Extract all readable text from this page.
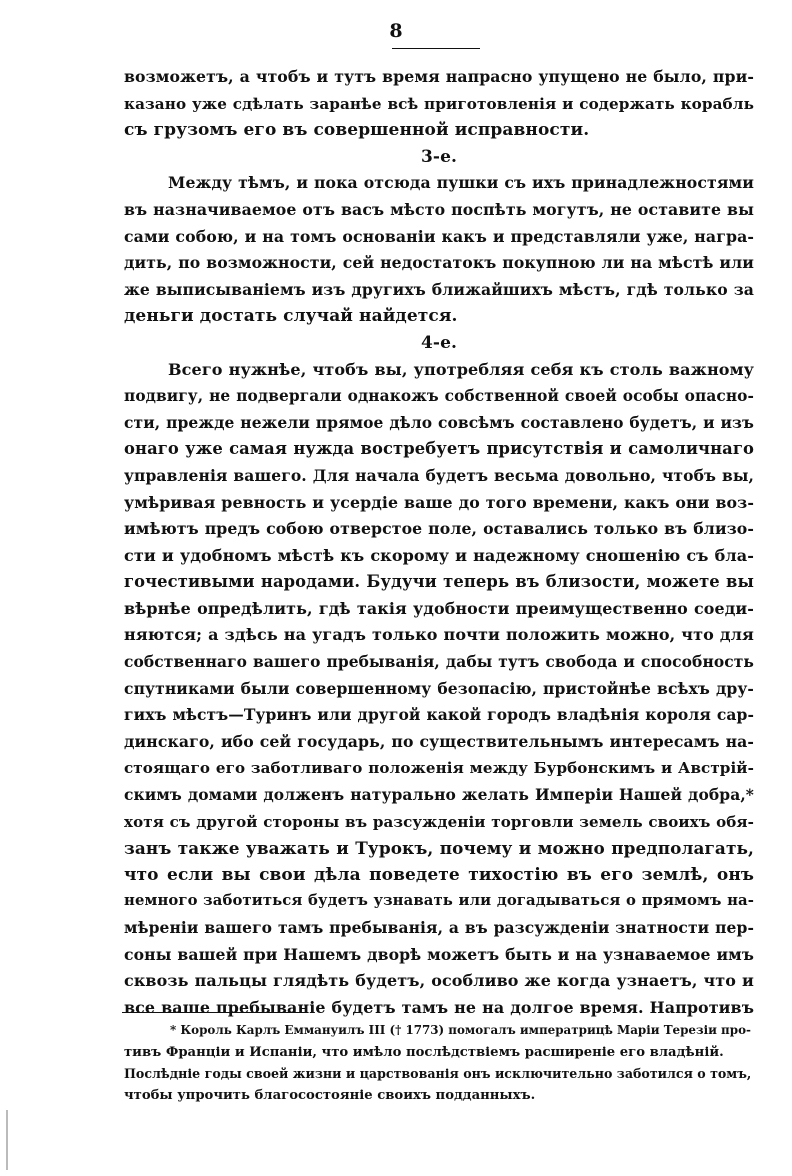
8
возможетъ, а чтобъ и тутъ время напрасно упущено не было, при-
казано уже сдѣлать заранѣе всѣ приготовленія и содержать корабль
съ грузомъ его въ совершенной исправности.
3-е.
Между тѣмъ, и пока отсюда пушки съ ихъ принадлежностями
въ назначиваемое отъ васъ мѣсто поспѣть могутъ, не оставите вы
сами собою, и на томъ основаніи какъ и представляли уже, награ-
дить, по возможности, сей недостатокъ покупною ли на мѣстѣ или
же выписываніемъ изъ другихъ ближайшихъ мѣстъ, гдѣ только за
деньги достать случай найдется.
4-е.
Всего нужнѣе, чтобъ вы, употребляя себя къ столь важному
подвигу, не подвергали однакожъ собственной своей особы опасно-
сти, прежде нежели прямое дѣло совсѣмъ составлено будетъ, и изъ
онаго уже самая нужда востребуетъ присутствія и самоличнаго
управленія вашего. Для начала будетъ весьма довольно, чтобъ вы,
умѣривая ревность и усердіе ваше до того времени, какъ они воз-
имѣютъ предъ собою отверстое поле, оставались только въ близо-
сти и удобномъ мѣстѣ къ скорому и надежному сношенію съ бла-
гочестивыми народами. Будучи теперь въ близости, можете вы
вѣрнѣе опредѣлить, гдѣ такія удобности преимущественно соеди-
няются; а здѣсь на угадъ только почти положить можно, что для
собственнаго вашего пребыванія, дабы тутъ свобода и способность
спутниками были совершенному безопасію, пристойнѣе всѣхъ дру-
гихъ мѣстъ—Туринъ или другой какой городъ владѣнія короля сар-
динскаго, ибо сей государь, по существительнымъ интересамъ на-
стоящаго его заботливаго положенія между Бурбонскимъ и Австрій-
скимъ домами долженъ натурально желать Имперіи Нашей добра,*
хотя съ другой стороны въ разсужденіи торговли земель своихъ обя-
занъ также уважать и Турокъ, почему и можно предполагать,
что если вы свои дѣла поведете тихостію въ его землѣ, онъ
немного заботиться будетъ узнавать или догадываться о прямомъ на-
мѣреніи вашего тамъ пребыванія, а въ разсужденіи знатности пер-
соны вашей при Нашемъ дворѣ можетъ быть и на узнаваемое имъ
сквозь пальцы глядѣть будетъ, особливо же когда узнаетъ, что и
все ваше пребываніе будетъ тамъ не на долгое время. Напротивъ
* Король Карлъ Еммануилъ III († 1773) помогалъ императрицѣ Маріи Терезіи про-
тивъ Франціи и Испаніи, что имѣло послѣдствіемъ расширеніе его владѣній.
Послѣдніе годы своей жизни и царствованія онъ исключительно заботился о томъ,
чтобы упрочить благосостояніе своихъ подданныхъ.
